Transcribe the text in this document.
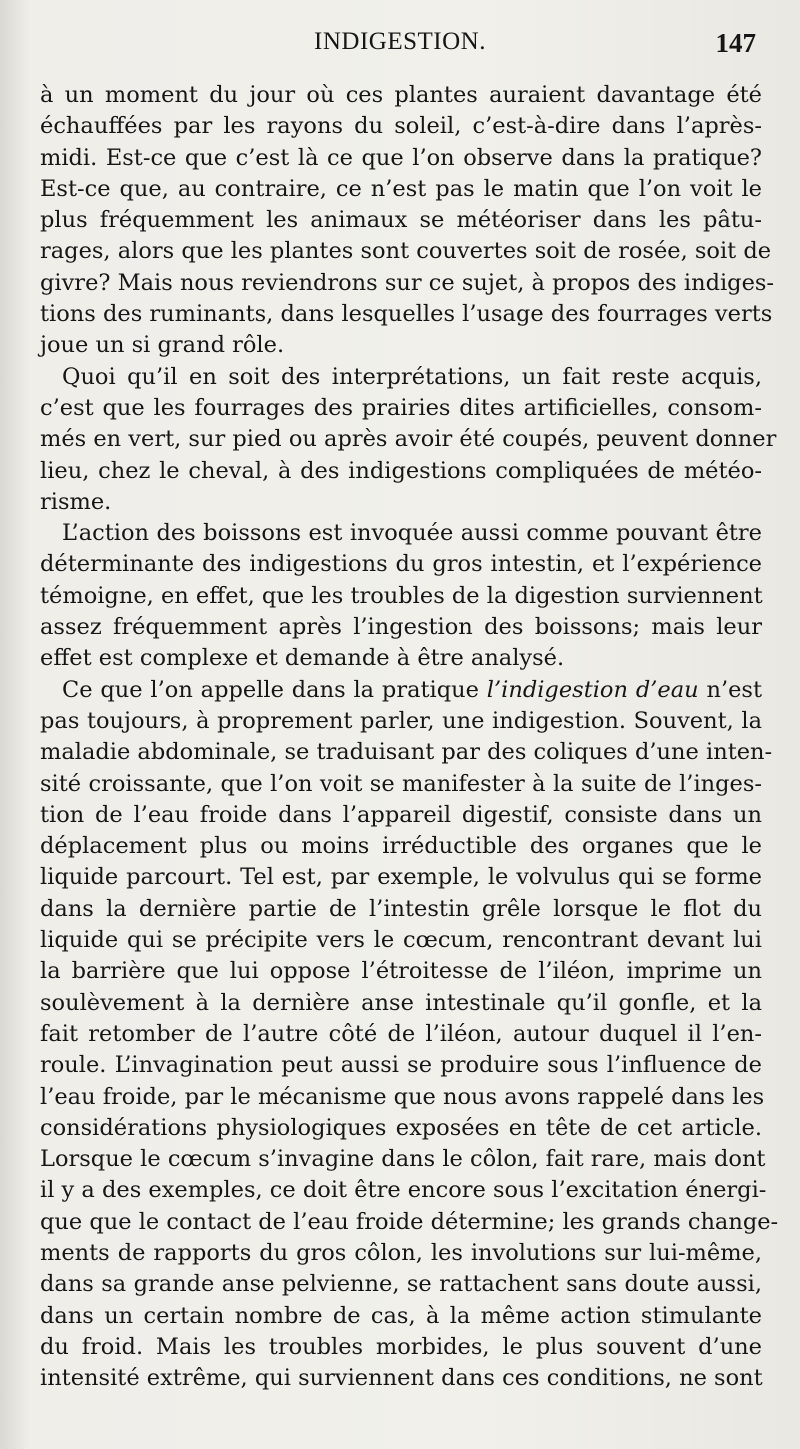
INDIGESTION.	147
à un moment du jour où ces plantes auraient davantage été
échauffées par les rayons du soleil, c’est-à-dire dans l’après-
midi. Est-ce que c’est là ce que l’on observe dans la pratique?
Est-ce que, au contraire, ce n’est pas le matin que l’on voit le
plus fréquemment les animaux se météoriser dans les pâtu-
rages, alors que les plantes sont couvertes soit de rosée, soit de
givre? Mais nous reviendrons sur ce sujet, à propos des indiges-
tions des ruminants, dans lesquelles l’usage des fourrages verts
joue un si grand rôle.
Quoi qu’il en soit des interprétations, un fait reste acquis,
c’est que les fourrages des prairies dites artificielles, consom-
més en vert, sur pied ou après avoir été coupés, peuvent donner
lieu, chez le cheval, à des indigestions compliquées de météo-
risme.
L’action des boissons est invoquée aussi comme pouvant être
déterminante des indigestions du gros intestin, et l’expérience
témoigne, en effet, que les troubles de la digestion surviennent
assez fréquemment après l’ingestion des boissons; mais leur
effet est complexe et demande à être analysé.
Ce que l’on appelle dans la pratique l’indigestion d’eau n’est
pas toujours, à proprement parler, une indigestion. Souvent, la
maladie abdominale, se traduisant par des coliques d’une inten-
sité croissante, que l’on voit se manifester à la suite de l’inges-
tion de l’eau froide dans l’appareil digestif, consiste dans un
déplacement plus ou moins irréductible des organes que le
liquide parcourt. Tel est, par exemple, le volvulus qui se forme
dans la dernière partie de l’intestin grêle lorsque le flot du
liquide qui se précipite vers le cœcum, rencontrant devant lui
la barrière que lui oppose l’étroitesse de l’iléon, imprime un
soulèvement à la dernière anse intestinale qu’il gonfle, et la
fait retomber de l’autre côté de l’iléon, autour duquel il l’en-
roule. L’invagination peut aussi se produire sous l’influence de
l’eau froide, par le mécanisme que nous avons rappelé dans les
considérations physiologiques exposées en tête de cet article.
Lorsque le cœcum s’invagine dans le côlon, fait rare, mais dont
il y a des exemples, ce doit être encore sous l’excitation énergi-
que que le contact de l’eau froide détermine; les grands change-
ments de rapports du gros côlon, les involutions sur lui-même,
dans sa grande anse pelvienne, se rattachent sans doute aussi,
dans un certain nombre de cas, à la même action stimulante
du froid. Mais les troubles morbides, le plus souvent d’une
intensité extrême, qui surviennent dans ces conditions, ne sont
